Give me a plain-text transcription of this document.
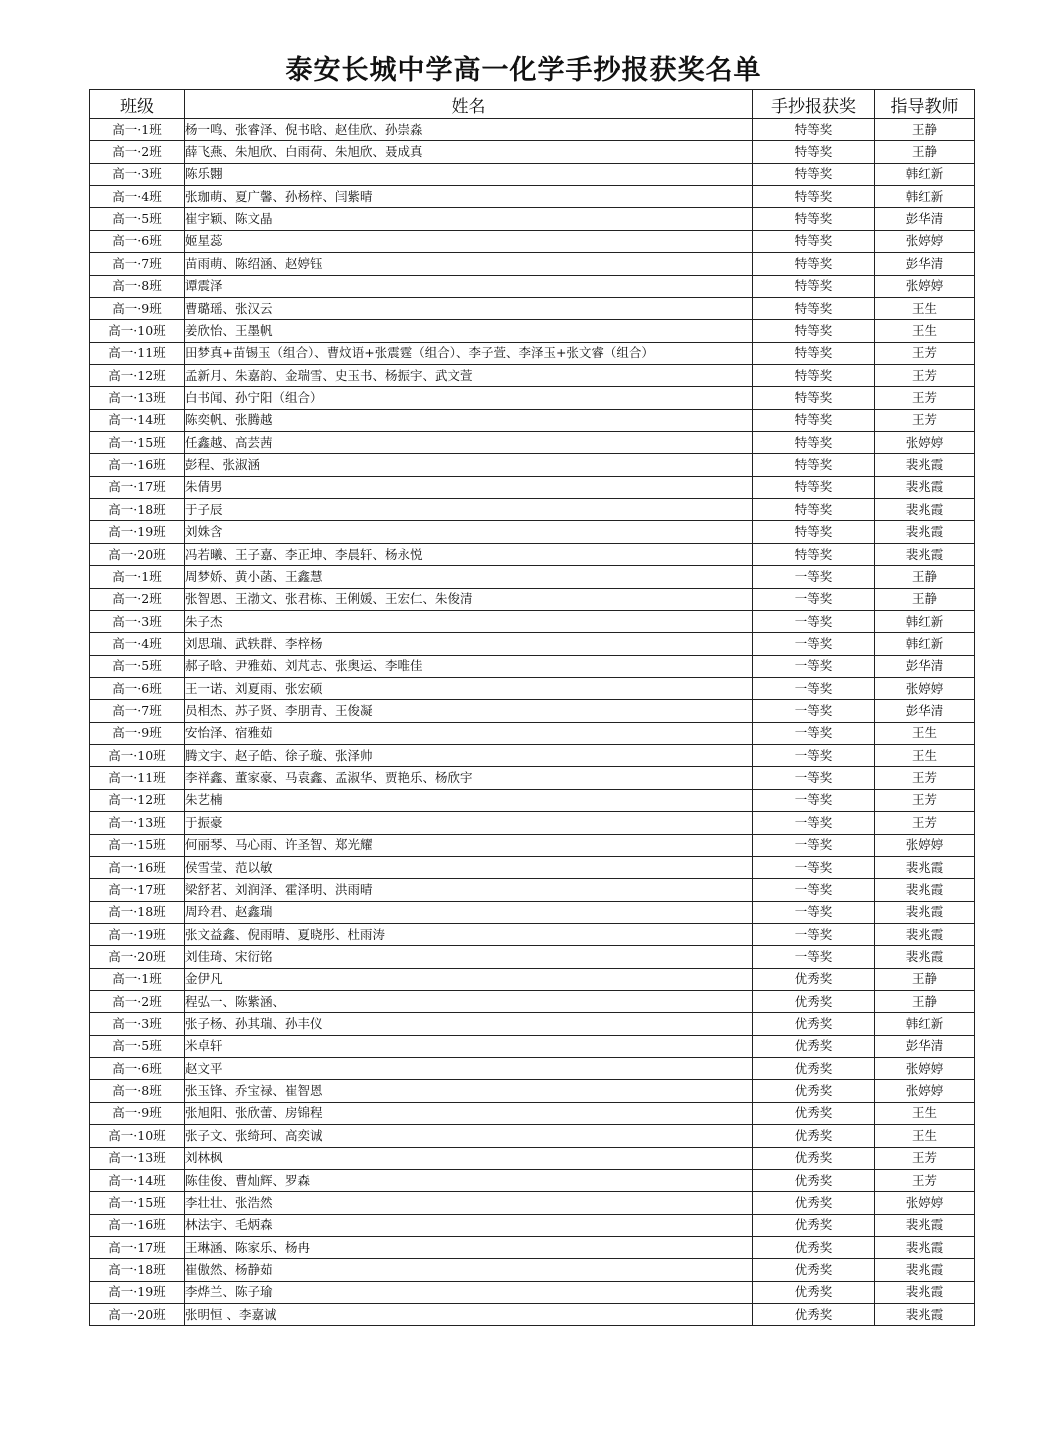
泰安长城中学高一化学手抄报获奖名单
班级	姓名	手抄报获奖	指导教师
高一·1班	杨一鸣、张睿泽、倪书晗、赵佳欣、孙崇淼	特等奖	王静
高一·2班	薛飞燕、朱旭欣、白雨荷、朱旭欣、聂成真	特等奖	王静
高一·3班	陈乐翾	特等奖	韩红新
高一·4班	张珈萌、夏广馨、孙杨梓、闫紫晴	特等奖	韩红新
高一·5班	崔宇颖、陈文晶	特等奖	彭华清
高一·6班	姬星蕊	特等奖	张婷婷
高一·7班	苗雨萌、陈绍涵、赵婷钰	特等奖	彭华清
高一·8班	谭震泽	特等奖	张婷婷
高一·9班	曹璐瑶、张汉云	特等奖	王生
高一·10班	姜欣怡、王墨帆	特等奖	王生
高一·11班	田梦真+苗锡玉（组合）、曹炆语+张震霆（组合）、李子萱、李泽玉+张文睿（组合）	特等奖	王芳
高一·12班	孟新月、朱嘉韵、金瑞雪、史玉书、杨振宇、武文萱	特等奖	王芳
高一·13班	白书闻、孙宁阳（组合）	特等奖	王芳
高一·14班	陈奕帆、张腾越	特等奖	王芳
高一·15班	任鑫越、高芸茜	特等奖	张婷婷
高一·16班	彭程、张淑涵	特等奖	裴兆霞
高一·17班	朱倩男	特等奖	裴兆霞
高一·18班	于子辰	特等奖	裴兆霞
高一·19班	刘姝含	特等奖	裴兆霞
高一·20班	冯若曦、王子嘉、李正坤、李晨轩、杨永悦	特等奖	裴兆霞
高一·1班	周梦娇、黄小菡、王鑫慧	一等奖	王静
高一·2班	张智恩、王渤文、张君栋、王俐媛、王宏仁、朱俊清	一等奖	王静
高一·3班	朱子杰	一等奖	韩红新
高一·4班	刘思瑞、武轶群、李梓杨	一等奖	韩红新
高一·5班	郝子晗、尹雅茹、刘芃志、张奥运、李唯佳	一等奖	彭华清
高一·6班	王一诺、刘夏雨、张宏硕	一等奖	张婷婷
高一·7班	员相杰、苏子贤、李朋青、王俊凝	一等奖	彭华清
高一·9班	安怡泽、宿雅茹	一等奖	王生
高一·10班	腾文宇、赵子皓、徐子璇、张泽帅	一等奖	王生
高一·11班	李祥鑫、董家豪、马袁鑫、孟淑华、贾艳乐、杨欣宇	一等奖	王芳
高一·12班	朱艺楠	一等奖	王芳
高一·13班	于振豪	一等奖	王芳
高一·15班	何丽琴、马心雨、许圣智、郑光耀	一等奖	张婷婷
高一·16班	侯雪莹、范以敏	一等奖	裴兆霞
高一·17班	梁舒茗、刘润泽、霍泽明、洪雨晴	一等奖	裴兆霞
高一·18班	周玲君、赵鑫瑞	一等奖	裴兆霞
高一·19班	张文益鑫、倪雨晴、夏晓彤、杜雨涛	一等奖	裴兆霞
高一·20班	刘佳琦、宋衍铭	一等奖	裴兆霞
高一·1班	金伊凡	优秀奖	王静
高一·2班	程弘一、陈紫涵、	优秀奖	王静
高一·3班	张子杨、孙其瑞、孙丰仪	优秀奖	韩红新
高一·5班	米卓轩	优秀奖	彭华清
高一·6班	赵文平	优秀奖	张婷婷
高一·8班	张玉锋、乔宝禄、崔智恩	优秀奖	张婷婷
高一·9班	张旭阳、张欣蕾、房锦程	优秀奖	王生
高一·10班	张子文、张绮珂、高奕诚	优秀奖	王生
高一·13班	刘林枫	优秀奖	王芳
高一·14班	陈佳俊、曹灿辉、罗森	优秀奖	王芳
高一·15班	李壮壮、张浩然	优秀奖	张婷婷
高一·16班	林法宇、毛炳森	优秀奖	裴兆霞
高一·17班	王琳涵、陈家乐、杨冉	优秀奖	裴兆霞
高一·18班	崔傲然、杨静茹	优秀奖	裴兆霞
高一·19班	李烨兰、陈子瑜	优秀奖	裴兆霞
高一·20班	张明恒 、李嘉诚	优秀奖	裴兆霞
